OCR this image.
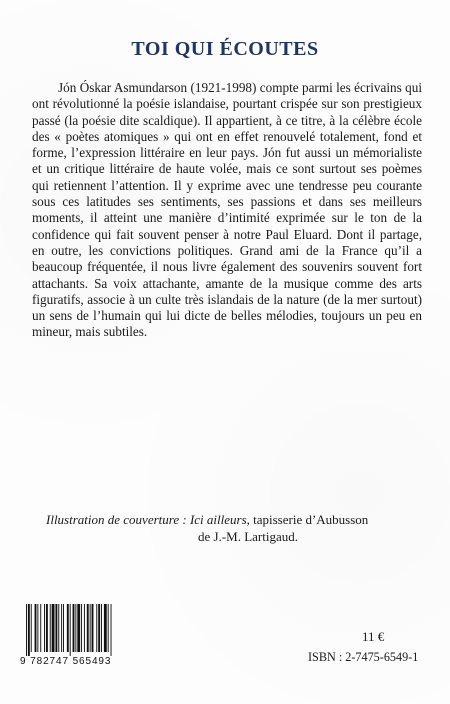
TOI QUI ÉCOUTES

Jón Óskar Asmundarson (1921-1998) compte parmi les écrivains qui ont révolutionné la poésie islandaise, pourtant crispée sur son prestigieux passé (la poésie dite scaldique). Il appartient, à ce titre, à la célèbre école des « poètes atomiques » qui ont en effet renouvelé totalement, fond et forme, l’expression littéraire en leur pays. Jón fut aussi un mémorialiste et un critique littéraire de haute volée, mais ce sont surtout ses poèmes qui retiennent l’attention. Il y exprime avec une tendresse peu courante sous ces latitudes ses sentiments, ses passions et dans ses meilleurs moments, il atteint une manière d’intimité exprimée sur le ton de la confidence qui fait souvent penser à notre Paul Eluard. Dont il partage, en outre, les convictions politiques. Grand ami de la France qu’il a beaucoup fréquentée, il nous livre également des souvenirs souvent fort attachants. Sa voix attachante, amante de la musique comme des arts figuratifs, associe à un culte très islandais de la nature (de la mer surtout) un sens de l’humain qui lui dicte de belles mélodies, toujours un peu en mineur, mais subtiles.

Illustration de couverture : Ici ailleurs, tapisserie d’Aubusson
de J.-M. Lartigaud.
9 782747 565493
11 €
ISBN : 2-7475-6549-1
